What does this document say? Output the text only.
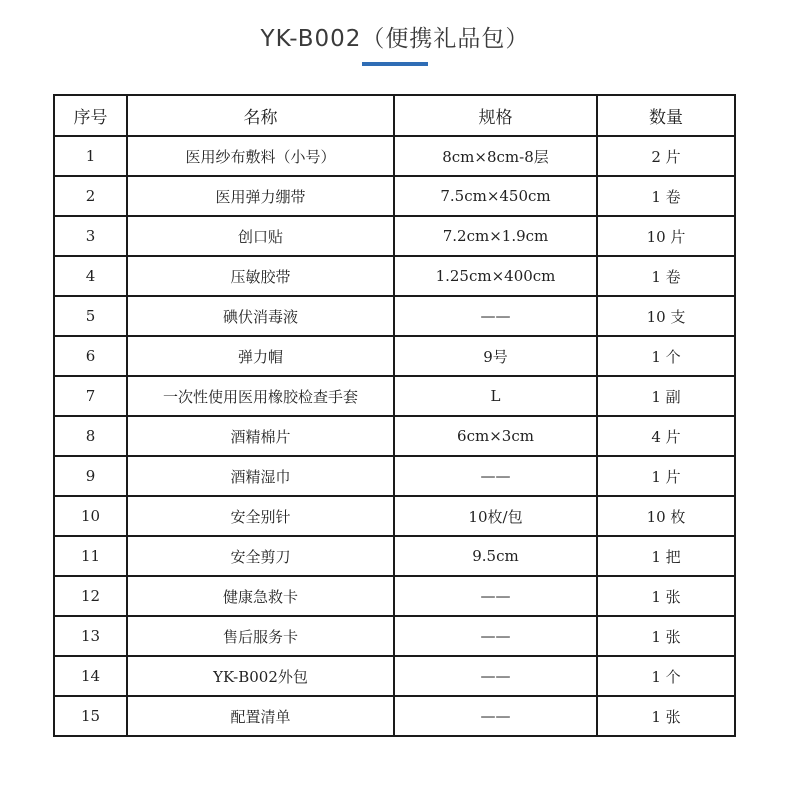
YK-B002（便携礼品包）
序号	名称	规格	数量
1	医用纱布敷料（小号）	8cm×8cm-8层	2 片
2	医用弹力绷带	7.5cm×450cm	1 卷
3	创口贴	7.2cm×1.9cm	10 片
4	压敏胶带	1.25cm×400cm	1 卷
5	碘伏消毒液	——	10 支
6	弹力帽	9号	1 个
7	一次性使用医用橡胶检查手套	L	1 副
8	酒精棉片	6cm×3cm	4 片
9	酒精湿巾	——	1 片
10	安全别针	10枚/包	10 枚
11	安全剪刀	9.5cm	1 把
12	健康急救卡	——	1 张
13	售后服务卡	——	1 张
14	YK-B002外包	——	1 个
15	配置清单	——	1 张
